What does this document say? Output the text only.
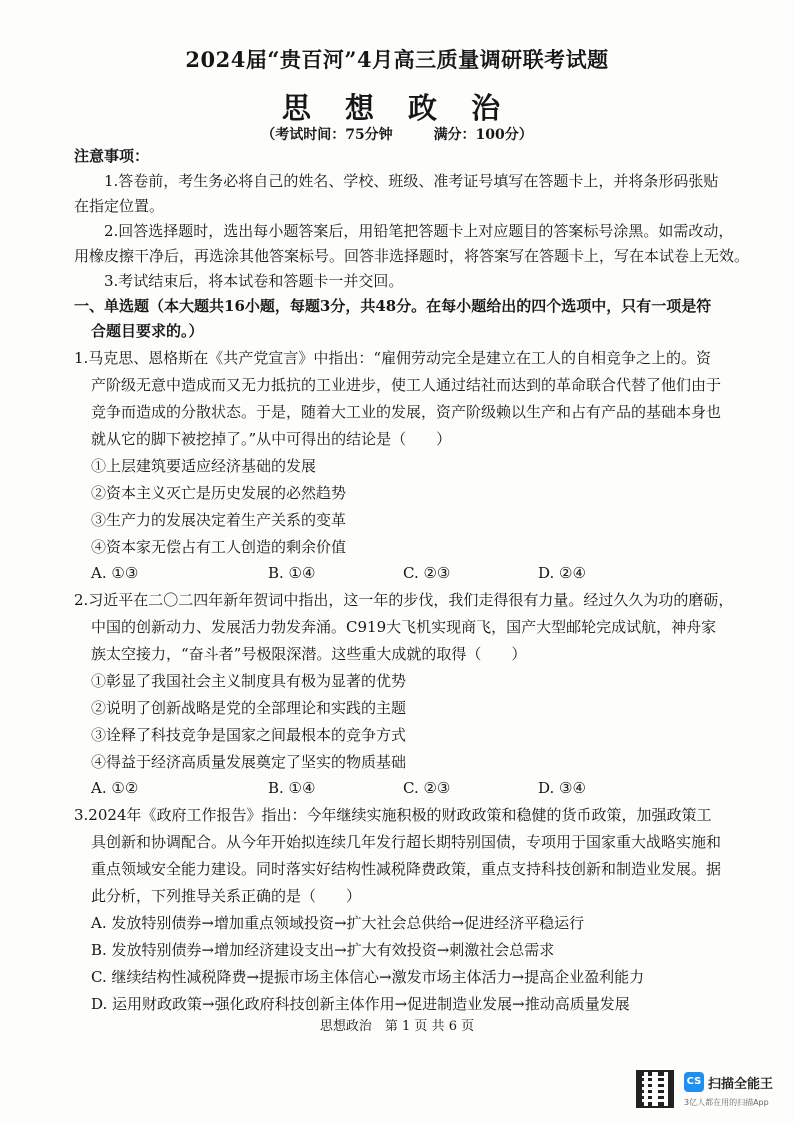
2024届“贵百河”4月高三质量调研联考试题
思 想 政 治
（考试时间：75分钟	满分：100分）
注意事项：
1.答卷前，考生务必将自己的姓名、学校、班级、准考证号填写在答题卡上，并将条形码张贴
在指定位置。
2.回答选择题时，选出每小题答案后，用铅笔把答题卡上对应题目的答案标号涂黑。如需改动，
用橡皮擦干净后，再选涂其他答案标号。回答非选择题时，将答案写在答题卡上，写在本试卷上无效。
3.考试结束后，将本试卷和答题卡一并交回。
一、单选题（本大题共16小题，每题3分，共48分。在每小题给出的四个选项中，只有一项是符
合题目要求的。）
1.马克思、恩格斯在《共产党宣言》中指出：“雇佣劳动完全是建立在工人的自相竞争之上的。资
产阶级无意中造成而又无力抵抗的工业进步，使工人通过结社而达到的革命联合代替了他们由于
竞争而造成的分散状态。于是，随着大工业的发展，资产阶级赖以生产和占有产品的基础本身也
就从它的脚下被挖掉了。”从中可得出的结论是（　　）
①上层建筑要适应经济基础的发展
②资本主义灭亡是历史发展的必然趋势
③生产力的发展决定着生产关系的变革
④资本家无偿占有工人创造的剩余价值
A. ①③	B. ①④	C. ②③	D. ②④
2.习近平在二〇二四年新年贺词中指出，这一年的步伐，我们走得很有力量。经过久久为功的磨砺，
中国的创新动力、发展活力勃发奔涌。C919大飞机实现商飞，国产大型邮轮完成试航，神舟家
族太空接力，“奋斗者”号极限深潜。这些重大成就的取得（　　）
①彰显了我国社会主义制度具有极为显著的优势
②说明了创新战略是党的全部理论和实践的主题
③诠释了科技竞争是国家之间最根本的竞争方式
④得益于经济高质量发展奠定了坚实的物质基础
A. ①②	B. ①④	C. ②③	D. ③④
3.2024年《政府工作报告》指出：今年继续实施积极的财政政策和稳健的货币政策，加强政策工
具创新和协调配合。从今年开始拟连续几年发行超长期特别国债，专项用于国家重大战略实施和
重点领域安全能力建设。同时落实好结构性减税降费政策，重点支持科技创新和制造业发展。据
此分析，下列推导关系正确的是（　　）
A. 发放特别债券→增加重点领域投资→扩大社会总供给→促进经济平稳运行
B. 发放特别债券→增加经济建设支出→扩大有效投资→刺激社会总需求
C. 继续结构性减税降费→提振市场主体信心→激发市场主体活力→提高企业盈利能力
D. 运用财政政策→强化政府科技创新主体作用→促进制造业发展→推动高质量发展
思想政治　第 1 页 共 6 页
CS 扫描全能王
3亿人都在用的扫描App
